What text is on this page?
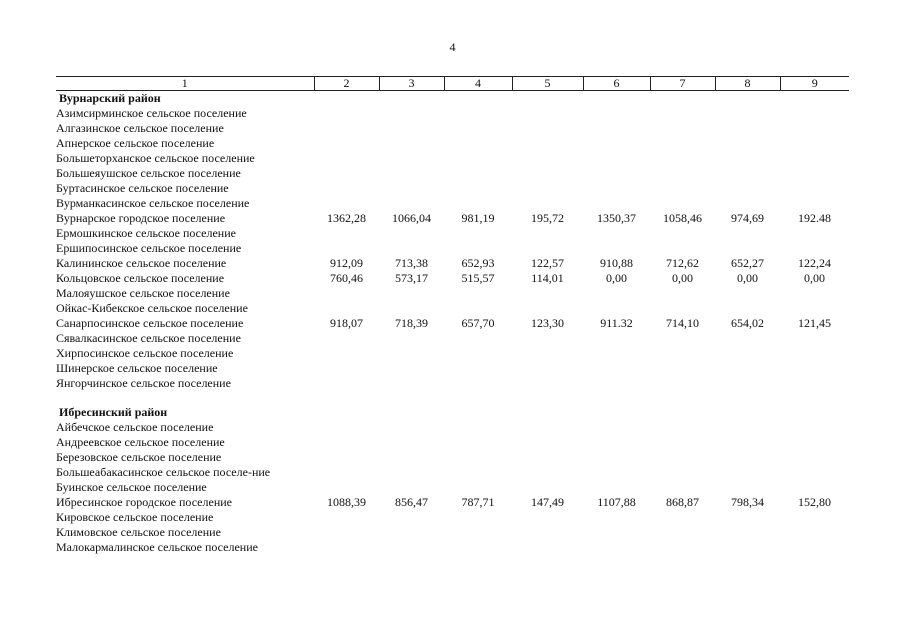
4
1	2	3	4	5	6	7	8	9
Вурнарский район								
Азимсирминское сельское поселение								
Алгазинское сельское поселение								
Апнерское сельское поселение								
Большеторханское сельское поселение								
Большеяушское сельское поселение								
Буртасинское сельское поселение								
Вурманкасинское сельское поселение								
Вурнарское городское поселение	1362,28	1066,04	981,19	195,72	1350,37	1058,46	974,69	192.48
Ермошкинское сельское поселение								
Ершипосинское сельское поселение								
Калининское сельское поселение	912,09	713,38	652,93	122,57	910,88	712,62	652,27	122,24
Кольцовское сельское поселение	760,46	573,17	515,57	114,01	0,00	0,00	0,00	0,00
Малояушское сельское поселение								
Ойкас-Кибекское сельское поселение								
Санарпосинское сельское поселение	918,07	718,39	657,70	123,30	911.32	714,10	654,02	121,45
Сявалкасинское сельское поселение								
Хирпосинское сельское поселение								
Шинерское сельское поселение								
Янгорчинское сельское поселение								

Ибресинский район								
Айбечское сельское поселение								
Андреевское сельское поселение								
Березовское сельское поселение								
Большеабакасинское сельское поселе-ние								
Буинское сельское поселение								
Ибресинское городское поселение	1088,39	856,47	787,71	147,49	1107,88	868,87	798,34	152,80
Кировское сельское поселение								
Климовское сельское поселение								
Малокармалинское сельское поселение								
